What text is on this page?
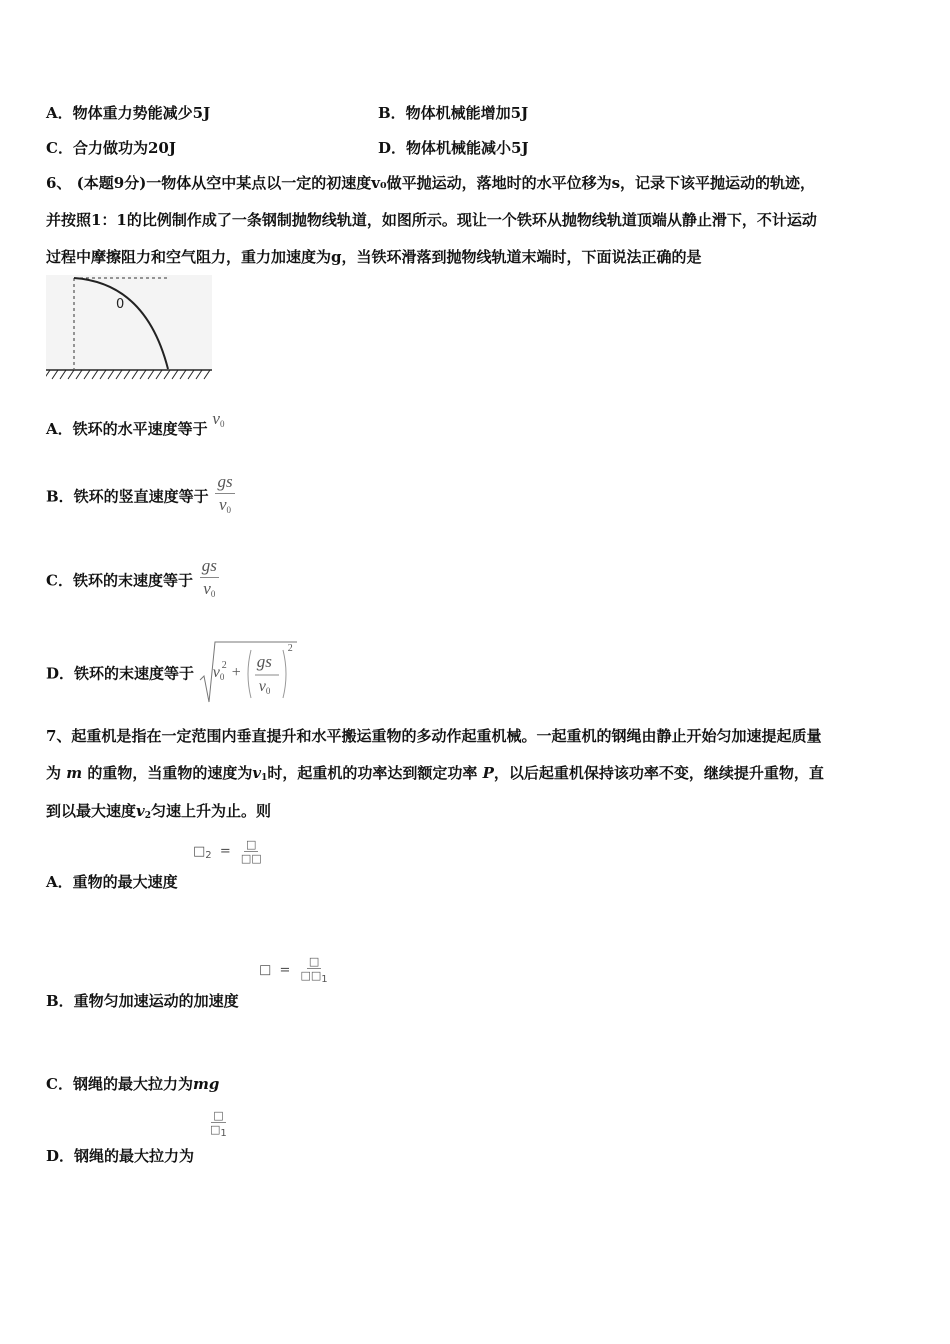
A．物体重力势能减少5J	B．物体机械能增加5J
C．合力做功为20J	D．物体机械能减小5J
6、 (本题9分)一物体从空中某点以一定的初速度v₀做平抛运动，落地时的水平位移为s，记录下该平抛运动的轨迹，
并按照1：1的比例制作成了一条钢制抛物线轨道，如图所示。现让一个铁环从抛物线轨道顶端从静止滑下，不计运动
过程中摩擦阻力和空气阻力，重力加速度为g，当铁环滑落到抛物线轨道末端时，下面说法正确的是
0
A．铁环的水平速度等于 $v_0$
B．铁环的竖直速度等于 $\frac{gs}{v_0}$
C．铁环的末速度等于 $\frac{gs}{v_0}$
D．铁环的末速度等于 $v_0$
2 +
gs
$v_0$
2
7、起重机是指在一定范围内垂直提升和水平搬运重物的多动作起重机械。一起重机的钢绳由静止开始匀加速提起质量
为 m 的重物，当重物的速度为v1时，起重机的功率达到额定功率 P，以后起重机保持该功率不变，继续提升重物，直
到以最大速度v2匀速上升为止。则
$□_2 = \frac{□}{□□}$
A．重物的最大速度
□ = $\frac{□}{□□1}$
B．重物匀加速运动的加速度
C．钢绳的最大拉力为mg
$\frac{□}{□1}$
D．钢绳的最大拉力为
